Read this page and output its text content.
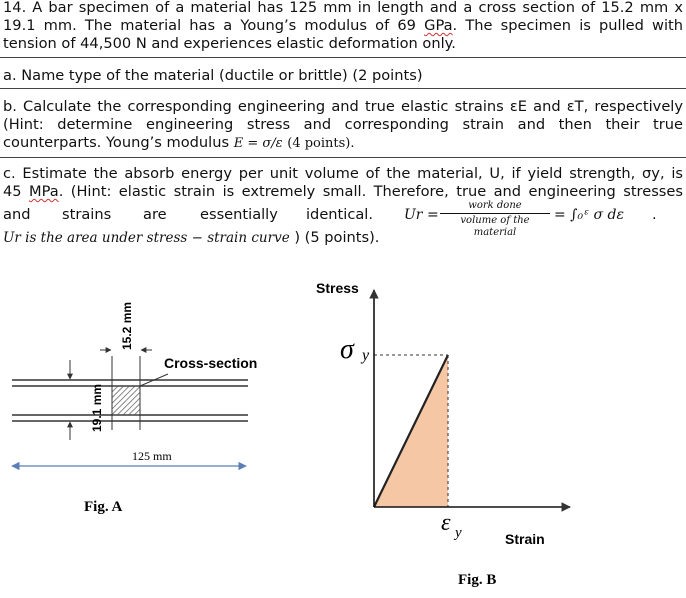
14. A bar specimen of a material has 125 mm in length and a cross section of 15.2 mm x
19.1 mm. The material has a Young’s modulus of 69 GPa. The specimen is pulled with
tension of 44,500 N and experiences elastic deformation only.
a. Name type of the material (ductile or brittle) (2 points)
b. Calculate the corresponding engineering and true elastic strains εE and εT, respectively
(Hint: determine engineering stress and corresponding strain and then their true
counterparts. Young’s modulus E = σ/ε (4 points).
c. Estimate the absorb energy per unit volume of the material, U, if yield strength, σy, is
45 MPa. (Hint: elastic strain is extremely small. Therefore, true and engineering stresses
and strains are essentially identical. Ur =
work done
volume of the material
= ∫₀ᵋ σ dε .
Ur is the area under stress − strain curve ) (5 points).
15.2 mm
19.1 mm
Cross-section
125 mm
Fig. A
Stress
σ y
ε y	Strain
Fig. B
